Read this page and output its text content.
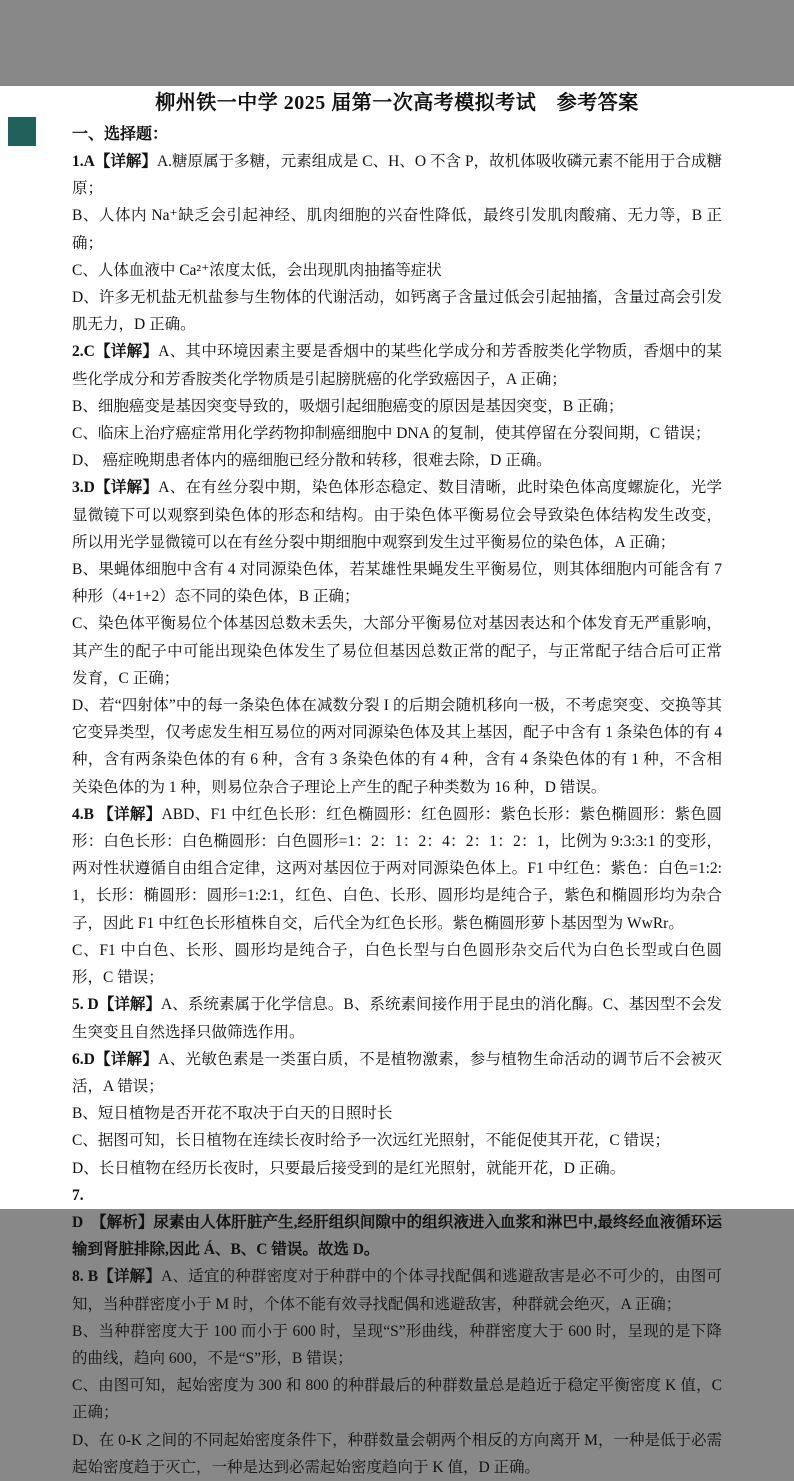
柳州铁一中学 2025 届第一次高考模拟考试　参考答案

一、选择题：

1.A【详解】A.糖原属于多糖，元素组成是 C、H、O 不含 P，故机体吸收磷元素不能用于合成糖原；

B、人体内 Na⁺缺乏会引起神经、肌肉细胞的兴奋性降低，最终引发肌肉酸痛、无力等，B 正确；

C、人体血液中 Ca²⁺浓度太低，会出现肌肉抽搐等症状

D、许多无机盐无机盐参与生物体的代谢活动，如钙离子含量过低会引起抽搐，含量过高会引发肌无力，D 正确。

2.C【详解】A、其中环境因素主要是香烟中的某些化学成分和芳香胺类化学物质，香烟中的某些化学成分和芳香胺类化学物质是引起膀胱癌的化学致癌因子，A 正确；

B、细胞癌变是基因突变导致的，吸烟引起细胞癌变的原因是基因突变，B 正确；

C、临床上治疗癌症常用化学药物抑制癌细胞中 DNA 的复制，使其停留在分裂间期，C 错误；

D、 癌症晚期患者体内的癌细胞已经分散和转移，很难去除，D 正确。

3.D【详解】A、在有丝分裂中期，染色体形态稳定、数目清晰，此时染色体高度螺旋化，光学显微镜下可以观察到染色体的形态和结构。由于染色体平衡易位会导致染色体结构发生改变，所以用光学显微镜可以在有丝分裂中期细胞中观察到发生过平衡易位的染色体，A 正确；

B、果蝇体细胞中含有 4 对同源染色体，若某雄性果蝇发生平衡易位，则其体细胞内可能含有 7 种形（4+1+2）态不同的染色体，B 正确；

C、染色体平衡易位个体基因总数未丢失，大部分平衡易位对基因表达和个体发育无严重影响，其产生的配子中可能出现染色体发生了易位但基因总数正常的配子，与正常配子结合后可正常发育，C 正确；

D、若“四射体”中的每一条染色体在减数分裂 I 的后期会随机移向一极，不考虑突变、交换等其它变异类型，仅考虑发生相互易位的两对同源染色体及其上基因，配子中含有 1 条染色体的有 4 种，含有两条染色体的有 6 种，含有 3 条染色体的有 4 种，含有 4 条染色体的有 1 种，不含相关染色体的为 1 种，则易位杂合子理论上产生的配子种类数为 16 种，D 错误。

4.B 【详解】ABD、F1 中红色长形：红色椭圆形：红色圆形：紫色长形：紫色椭圆形：紫色圆形：白色长形：白色椭圆形：白色圆形=1：2：1：2：4：2：1：2：1，比例为 9:3:3:1 的变形，两对性状遵循自由组合定律，这两对基因位于两对同源染色体上。F1 中红色：紫色：白色=1:2:1，长形：椭圆形：圆形=1:2:1，红色、白色、长形、圆形均是纯合子，紫色和椭圆形均为杂合子，因此 F1 中红色长形植株自交，后代全为红色长形。紫色椭圆形萝卜基因型为 WwRr。

C、F1 中白色、长形、圆形均是纯合子，白色长型与白色圆形杂交后代为白色长型或白色圆形，C 错误；

5. D【详解】A、系统素属于化学信息。B、系统素间接作用于昆虫的消化酶。C、基因型不会发生突变且自然选择只做筛选作用。

6.D【详解】A、光敏色素是一类蛋白质，不是植物激素，参与植物生命活动的调节后不会被灭活，A 错误；

B、短日植物是否开花不取决于白天的日照时长

C、据图可知，长日植物在连续长夜时给予一次远红光照射，不能促使其开花，C 错误；

D、长日植物在经历长夜时，只要最后接受到的是红光照射，就能开花，D 正确。

7.

D　【解析】尿素由人体肝脏产生,经肝组织间隙中的组织液进入血浆和淋巴中,最终经血液循环运输到肾脏排除,因此 Á、B、C 错误。故选 D。

8. B【详解】A、适宜的种群密度对于种群中的个体寻找配偶和逃避敌害是必不可少的，由图可知，当种群密度小于 M 时，个体不能有效寻找配偶和逃避敌害，种群就会绝灭，A 正确；

B、当种群密度大于 100 而小于 600 时，呈现“S”形曲线，种群密度大于 600 时，呈现的是下降的曲线，趋向 600，不是“S”形，B 错误；

C、由图可知，起始密度为 300 和 800 的种群最后的种群数量总是趋近于稳定平衡密度 K 值，C 正确；

D、在 0-K 之间的不同起始密度条件下，种群数量会朝两个相反的方向离开 M，一种是低于必需起始密度趋于灭亡，一种是达到必需起始密度趋向于 K 值，D 正确。
